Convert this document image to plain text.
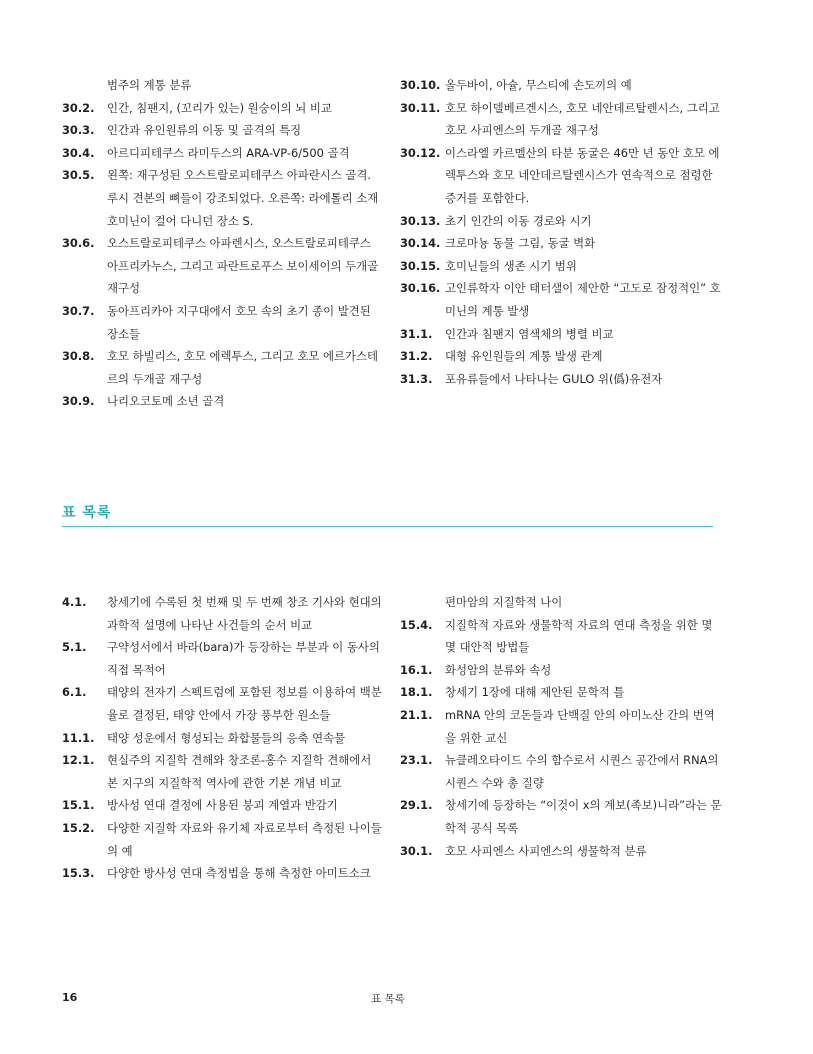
범주의 계통 분류
30.2. 인간, 침팬지, (꼬리가 있는) 원숭이의 뇌 비교
30.3. 인간과 유인원류의 이동 및 골격의 특징
30.4. 아르디피테쿠스 라미두스의 ARA-VP-6/500 골격
30.5. 왼쪽: 재구성된 오스트랄로피테쿠스 아파란시스 골격.
루시 견본의 뼈들이 강조되었다. 오른쪽: 라에톨리 소재
호미닌이 걸어 다니던 장소 S.
30.6. 오스트랄로피테쿠스 아파렌시스, 오스트랄로피테쿠스
아프리카누스, 그리고 파란트로푸스 보이세이의 두개골
재구성
30.7. 동아프리카아 지구대에서 호모 속의 초기 종이 발견된
장소들
30.8. 호모 하빌리스, 호모 에렉투스, 그리고 호모 에르가스테
르의 두개골 재구성
30.9. 나리오코토메 소년 골격
30.10. 올두바이, 아슐, 무스티에 손도끼의 예
30.11. 호모 하이델베르겐시스, 호모 네안데르탈렌시스, 그리고
호모 사피엔스의 두개골 재구성
30.12. 이스라엘 카르멜산의 타분 동굴은 46만 년 동안 호모 에
렉투스와 호모 네안데르탈렌시스가 연속적으로 점령한
증거를 포함한다.
30.13. 초기 인간의 이동 경로와 시기
30.14. 크로마뇽 동물 그림, 동굴 벽화
30.15. 호미닌들의 생존 시기 범위
30.16. 고인류학자 이안 태터샐이 제안한 “고도로 잠정적인” 호
미닌의 계통 발생
31.1. 인간과 침팬지 염색체의 병렬 비교
31.2. 대형 유인원들의 계통 발생 관계
31.3. 포유류들에서 나타나는 GULO 위(僞)유전자
표 목록
4.1. 창세기에 수록된 첫 번째 및 두 번째 창조 기사와 현대의
과학적 설명에 나타난 사건들의 순서 비교
5.1. 구약성서에서 바라(bara)가 등장하는 부분과 이 동사의
직접 목적어
6.1. 태양의 전자기 스펙트럼에 포함된 정보를 이용하여 백분
율로 결정된, 태양 안에서 가장 풍부한 원소들
11.1. 태양 성운에서 형성되는 화합물들의 응축 연속물
12.1. 현실주의 지질학 견해와 창조론-홍수 지질학 견해에서
본 지구의 지질학적 역사에 관한 기본 개념 비교
15.1. 방사성 연대 결정에 사용된 붕괴 계열과 반감기
15.2. 다양한 지질학 자료와 유기체 자료로부터 측정된 나이들
의 예
15.3. 다양한 방사성 연대 측정법을 통해 측정한 아미트소크
편마암의 지질학적 나이
15.4. 지질학적 자료와 생물학적 자료의 연대 측정을 위한 몇
몇 대안적 방법들
16.1. 화성암의 분류와 속성
18.1. 창세기 1장에 대해 제안된 문학적 틀
21.1. mRNA 안의 코돈들과 단백질 안의 아미노산 간의 번역
을 위한 교신
23.1. 뉴클레오타이드 수의 함수로서 시퀀스 공간에서 RNA의
시퀀스 수와 총 질량
29.1. 창세기에 등장하는 “이것이 x의 계보(족보)니라”라는 문
학적 공식 목록
30.1. 호모 사피엔스 사피엔스의 생물학적 분류
16	표 목록
